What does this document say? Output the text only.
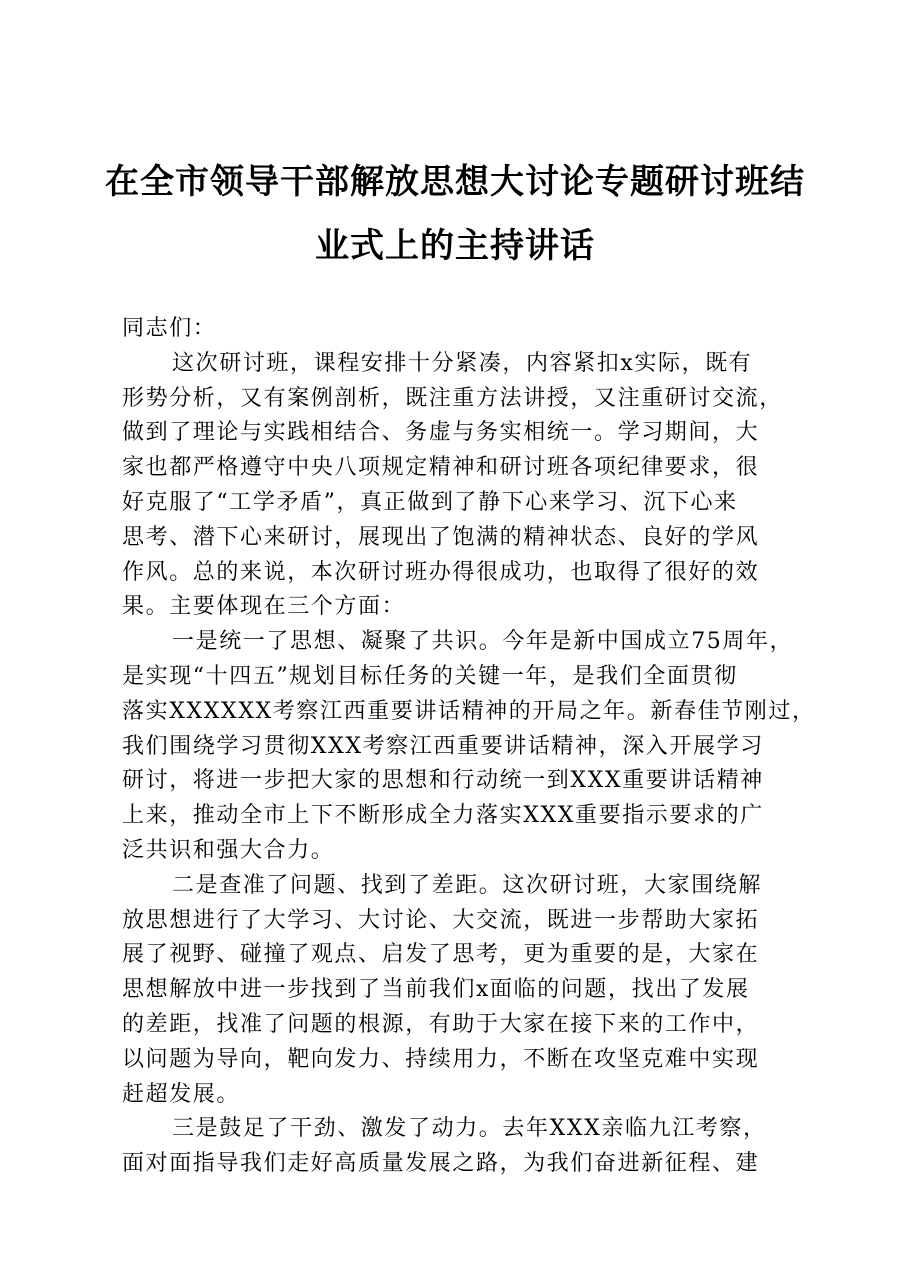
在全市领导干部解放思想大讨论专题研讨班结
业式上的主持讲话
同志们：
这次研讨班，课程安排十分紧凑，内容紧扣x实际，既有
形势分析，又有案例剖析，既注重方法讲授，又注重研讨交流，
做到了理论与实践相结合、务虚与务实相统一。学习期间，大
家也都严格遵守中央八项规定精神和研讨班各项纪律要求，很
好克服了“工学矛盾”，真正做到了静下心来学习、沉下心来
思考、潜下心来研讨，展现出了饱满的精神状态、良好的学风
作风。总的来说，本次研讨班办得很成功，也取得了很好的效
果。主要体现在三个方面：
一是统一了思想、凝聚了共识。今年是新中国成立75周年，
是实现“十四五”规划目标任务的关键一年，是我们全面贯彻
落实XXXXXX考察江西重要讲话精神的开局之年。新春佳节刚过，
我们围绕学习贯彻XXX考察江西重要讲话精神，深入开展学习
研讨，将进一步把大家的思想和行动统一到XXX重要讲话精神
上来，推动全市上下不断形成全力落实XXX重要指示要求的广
泛共识和强大合力。
二是查准了问题、找到了差距。这次研讨班，大家围绕解
放思想进行了大学习、大讨论、大交流，既进一步帮助大家拓
展了视野、碰撞了观点、启发了思考，更为重要的是，大家在
思想解放中进一步找到了当前我们x面临的问题，找出了发展
的差距，找准了问题的根源，有助于大家在接下来的工作中，
以问题为导向，靶向发力、持续用力，不断在攻坚克难中实现
赶超发展。
三是鼓足了干劲、激发了动力。去年XXX亲临九江考察，
面对面指导我们走好高质量发展之路，为我们奋进新征程、建
